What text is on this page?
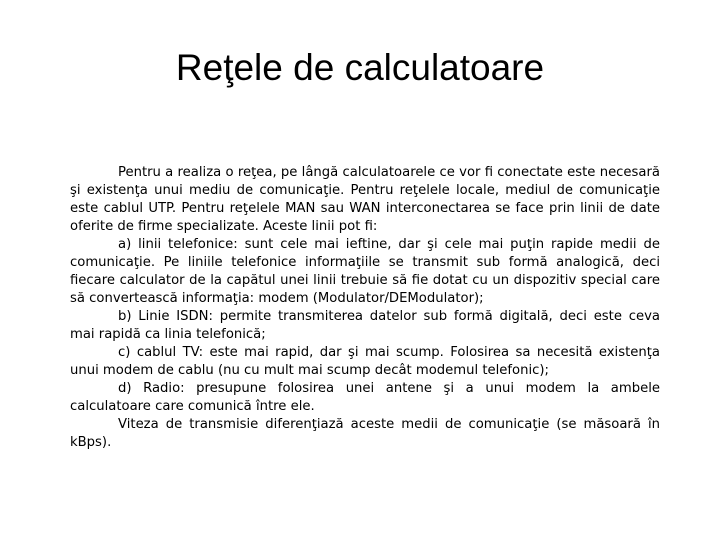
Reţele de calculatoare

Pentru a realiza o reţea, pe lângă calculatoarele ce vor fi conectate este necesară şi existenţa unui mediu de comunicaţie. Pentru reţelele locale, mediul de comunicaţie este cablul UTP. Pentru reţelele MAN sau WAN interconectarea se face prin linii de date oferite de firme specializate. Aceste linii pot fi:

a) linii telefonice: sunt cele mai ieftine, dar şi cele mai puţin rapide medii de comunicaţie. Pe liniile telefonice informaţiile se transmit sub formă analogică, deci fiecare calculator de la capătul unei linii trebuie să fie dotat cu un dispozitiv special care să convertească informaţia: modem (Modulator/DEModulator);

b) Linie ISDN: permite transmiterea datelor sub formă digitală, deci este ceva mai rapidă ca linia telefonică;

c) cablul TV: este mai rapid, dar şi mai scump. Folosirea sa necesită existenţa unui modem de cablu (nu cu mult mai scump decât modemul telefonic);

d) Radio: presupune folosirea unei antene şi a unui modem la ambele calculatoare care comunică între ele.

Viteza de transmisie diferenţiază aceste medii de comunicaţie (se măsoară în kBps).
